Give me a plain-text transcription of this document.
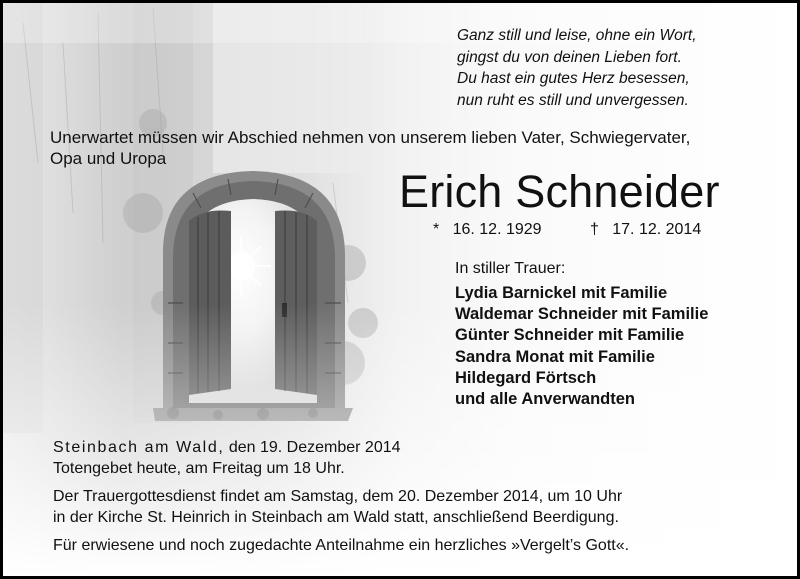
Ganz still und leise, ohne ein Wort,
gingst du von deinen Lieben fort.
Du hast ein gutes Herz besessen,
nun ruht es still und unvergessen.
Unerwartet müssen wir Abschied nehmen von unserem lieben Vater, Schwiegervater,
Opa und Uropa
Erich Schneider
* 16. 12. 1929	† 17. 12. 2014
In stiller Trauer:
Lydia Barnickel mit Familie
Waldemar Schneider mit Familie
Günter Schneider mit Familie
Sandra Monat mit Familie
Hildegard Förtsch
und alle Anverwandten
Steinbach am Wald, den 19. Dezember 2014
Totengebet heute, am Freitag um 18 Uhr.
Der Trauergottesdienst findet am Samstag, dem 20. Dezember 2014, um 10 Uhr
in der Kirche St. Heinrich in Steinbach am Wald statt, anschließend Beerdigung.
Für erwiesene und noch zugedachte Anteilnahme ein herzliches »Vergelt’s Gott«.
